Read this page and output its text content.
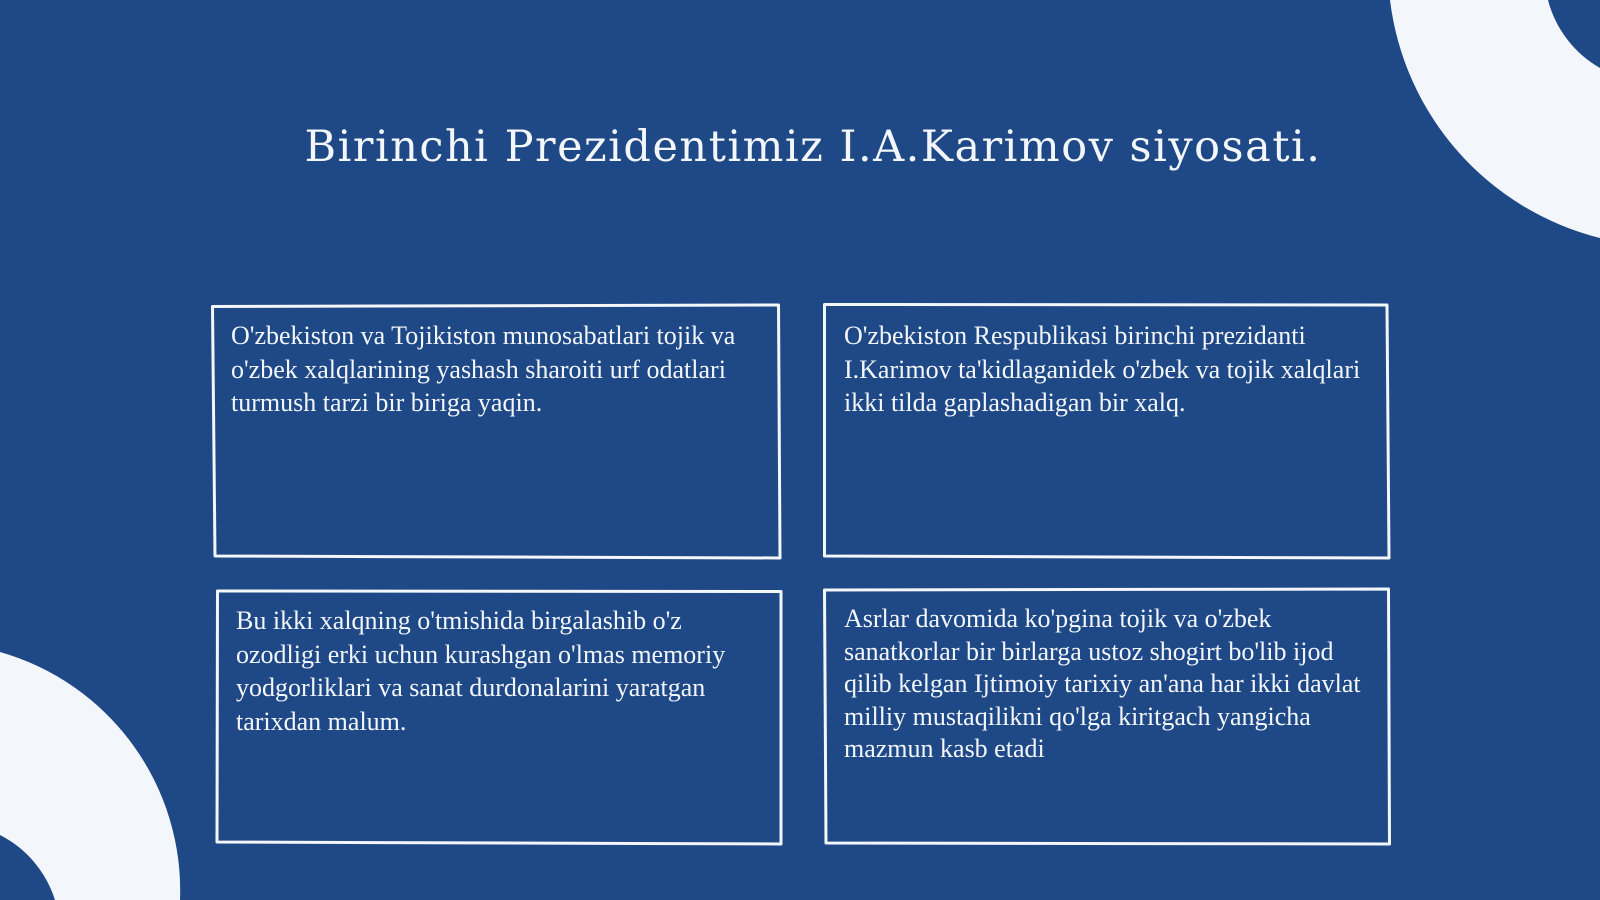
Birinchi Prezidentimiz I.A.Karimov siyosati.

O'zbekiston va Tojikiston munosabatlari tojik va o'zbek xalqlarining yashash sharoiti urf odatlari turmush tarzi bir biriga yaqin.

O'zbekiston Respublikasi birinchi prezidanti I.Karimov ta'kidlaganidek o'zbek va tojik xalqlari ikki tilda gaplashadigan bir xalq.

Bu ikki xalqning o'tmishida birgalashib o'z ozodligi erki uchun kurashgan o'lmas memoriy yodgorliklari va sanat durdonalarini yaratgan tarixdan malum.

Asrlar davomida ko'pgina tojik va o'zbek sanatkorlar bir birlarga ustoz shogirt bo'lib ijod qilib kelgan Ijtimoiy tarixiy an'ana har ikki davlat milliy mustaqilikni qo'lga kiritgach yangicha mazmun kasb etadi
